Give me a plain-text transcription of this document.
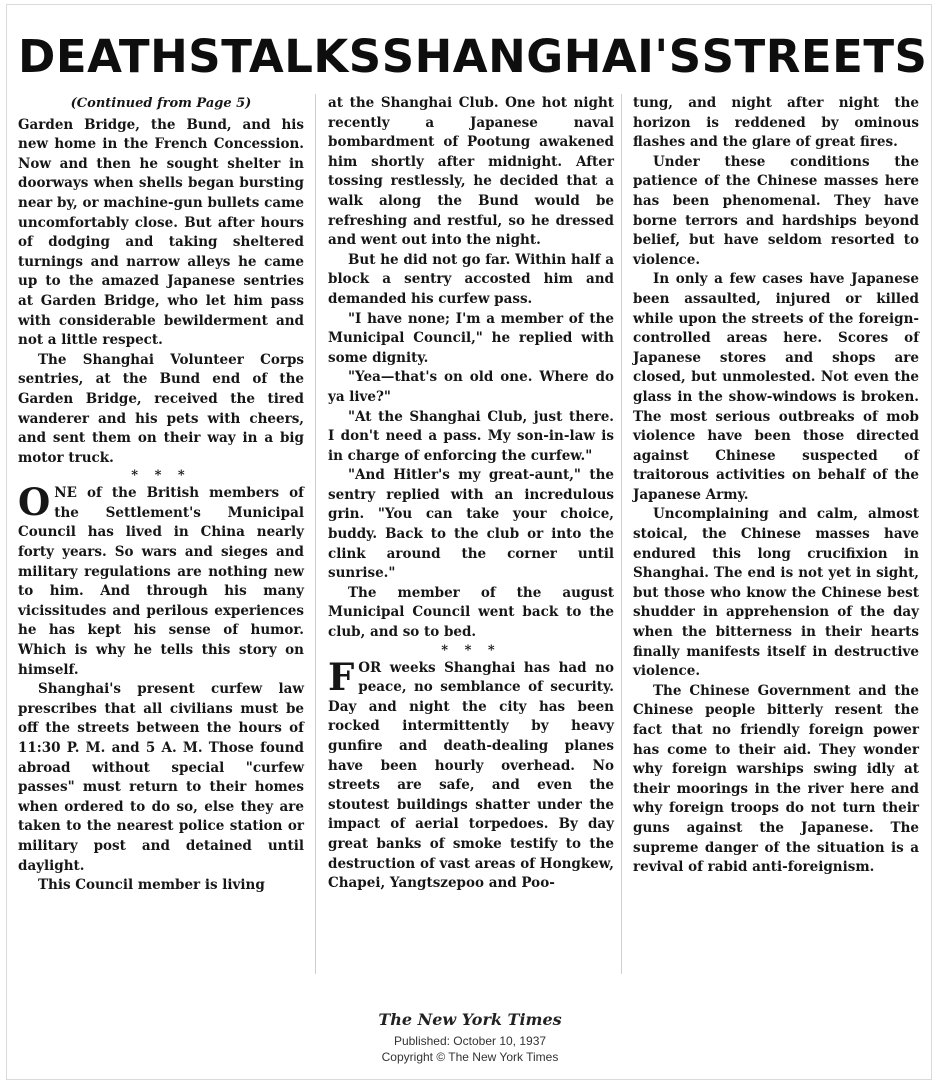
DEATH STALKS SHANGHAI'S STREETS
(Continued from Page 5)
Garden Bridge, the Bund, and his new home in the French Concession. Now and then he sought shelter in doorways when shells began bursting near by, or machine-gun bullets came uncomfortably close. But after hours of dodging and taking sheltered turnings and narrow alleys he came up to the amazed Japanese sentries at Garden Bridge, who let him pass with considerable bewilderment and not a little respect.
The Shanghai Volunteer Corps sentries, at the Bund end of the Garden Bridge, received the tired wanderer and his pets with cheers, and sent them on their way in a big motor truck.
* * *
ONE of the British members of the Settlement's Municipal Council has lived in China nearly forty years. So wars and sieges and military regulations are nothing new to him. And through his many vicissitudes and perilous experiences he has kept his sense of humor. Which is why he tells this story on himself.
Shanghai's present curfew law prescribes that all civilians must be off the streets between the hours of 11:30 P. M. and 5 A. M. Those found abroad without special "curfew passes" must return to their homes when ordered to do so, else they are taken to the nearest police station or military post and detained until daylight.
This Council member is living
at the Shanghai Club. One hot night recently a Japanese naval bombardment of Pootung awakened him shortly after midnight. After tossing restlessly, he decided that a walk along the Bund would be refreshing and restful, so he dressed and went out into the night.
But he did not go far. Within half a block a sentry accosted him and demanded his curfew pass.
"I have none; I'm a member of the Municipal Council," he replied with some dignity.
"Yea—that's on old one. Where do ya live?"
"At the Shanghai Club, just there. I don't need a pass. My son-in-law is in charge of enforcing the curfew."
"And Hitler's my great-aunt," the sentry replied with an incredulous grin. "You can take your choice, buddy. Back to the club or into the clink around the corner until sunrise."
The member of the august Municipal Council went back to the club, and so to bed.
* * *
FOR weeks Shanghai has had no peace, no semblance of security. Day and night the city has been rocked intermittently by heavy gunfire and death-dealing planes have been hourly overhead. No streets are safe, and even the stoutest buildings shatter under the impact of aerial torpedoes. By day great banks of smoke testify to the destruction of vast areas of Hongkew, Chapei, Yangtszepoo and Poo-
tung, and night after night the horizon is reddened by ominous flashes and the glare of great fires.
Under these conditions the patience of the Chinese masses here has been phenomenal. They have borne terrors and hardships beyond belief, but have seldom resorted to violence.
In only a few cases have Japanese been assaulted, injured or killed while upon the streets of the foreign-controlled areas here. Scores of Japanese stores and shops are closed, but unmolested. Not even the glass in the show-windows is broken. The most serious outbreaks of mob violence have been those directed against Chinese suspected of traitorous activities on behalf of the Japanese Army.
Uncomplaining and calm, almost stoical, the Chinese masses have endured this long crucifixion in Shanghai. The end is not yet in sight, but those who know the Chinese best shudder in apprehension of the day when the bitterness in their hearts finally manifests itself in destructive violence.
The Chinese Government and the Chinese people bitterly resent the fact that no friendly foreign power has come to their aid. They wonder why foreign warships swing idly at their moorings in the river here and why foreign troops do not turn their guns against the Japanese. The supreme danger of the situation is a revival of rabid anti-foreignism.
The New York Times
Published: October 10, 1937
Copyright © The New York Times
